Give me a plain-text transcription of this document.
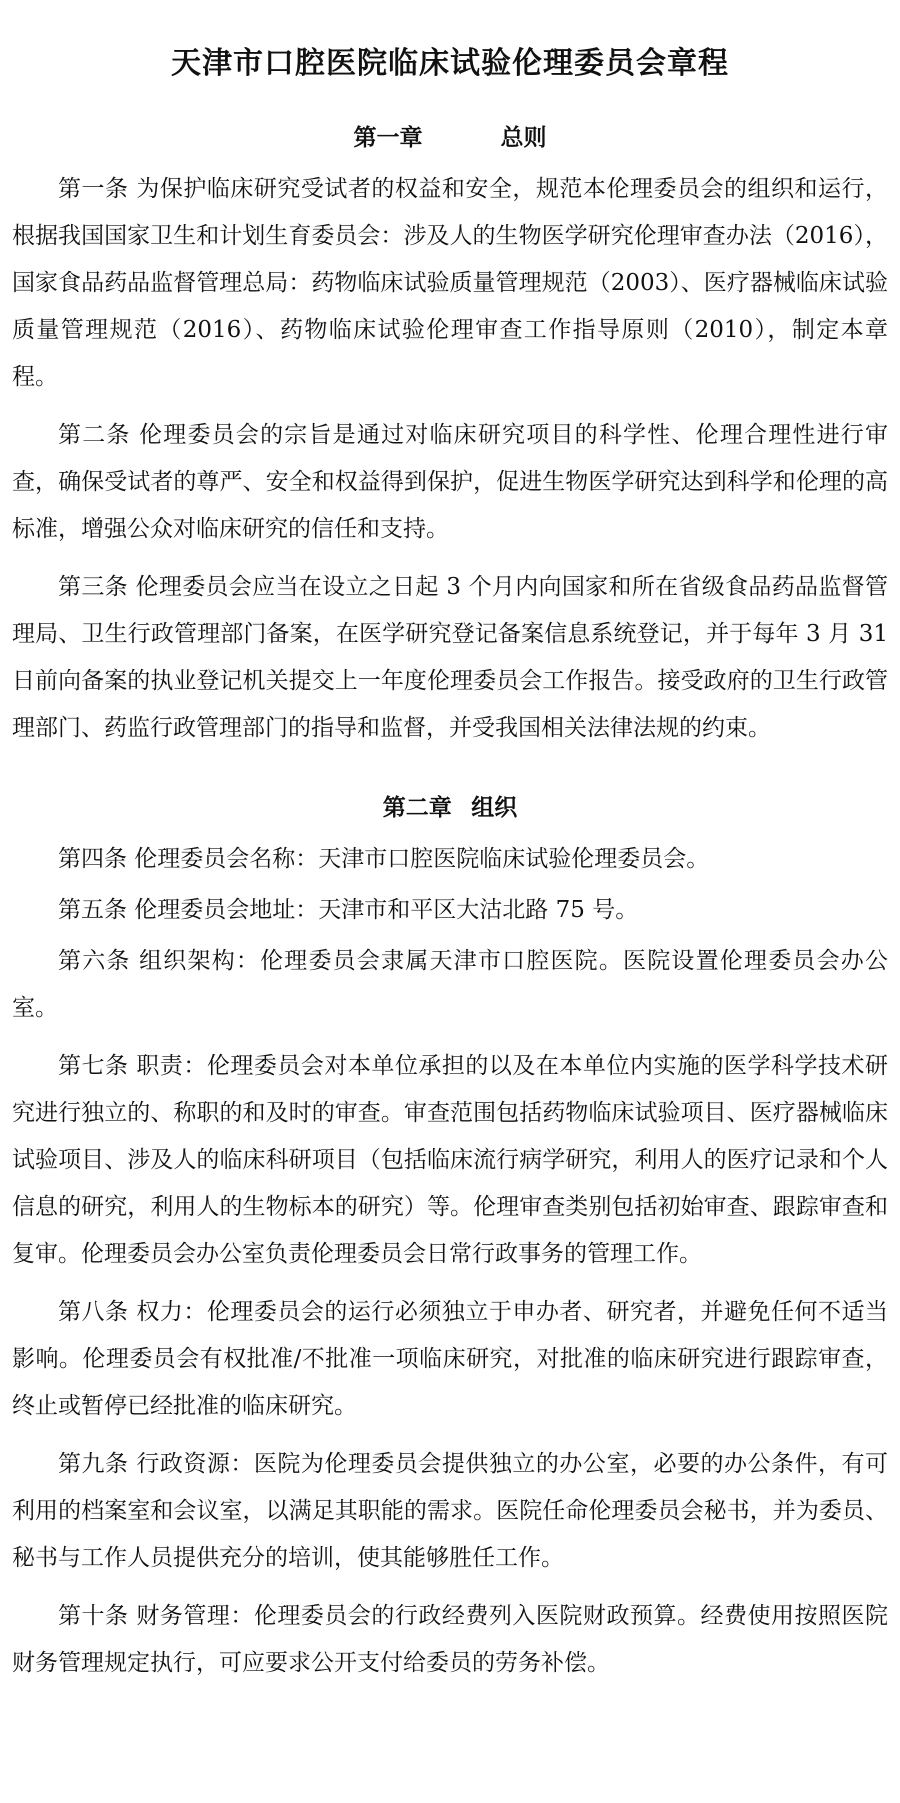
天津市口腔医院临床试验伦理委员会章程
第一章    总则

第一条 为保护临床研究受试者的权益和安全，规范本伦理委员会的组织和运行，根据我国国家卫生和计划生育委员会：涉及人的生物医学研究伦理审查办法（2016），国家食品药品监督管理总局：药物临床试验质量管理规范（2003）、医疗器械临床试验质量管理规范（2016）、药物临床试验伦理审查工作指导原则（2010），制定本章程。

第二条 伦理委员会的宗旨是通过对临床研究项目的科学性、伦理合理性进行审查，确保受试者的尊严、安全和权益得到保护，促进生物医学研究达到科学和伦理的高标准，增强公众对临床研究的信任和支持。

第三条 伦理委员会应当在设立之日起 3 个月内向国家和所在省级食品药品监督管理局、卫生行政管理部门备案，在医学研究登记备案信息系统登记，并于每年 3 月 31 日前向备案的执业登记机关提交上一年度伦理委员会工作报告。接受政府的卫生行政管理部门、药监行政管理部门的指导和监督，并受我国相关法律法规的约束。

第二章 组织

第四条 伦理委员会名称：天津市口腔医院临床试验伦理委员会。

第五条 伦理委员会地址：天津市和平区大沽北路 75 号。

第六条 组织架构：伦理委员会隶属天津市口腔医院。医院设置伦理委员会办公室。

第七条 职责：伦理委员会对本单位承担的以及在本单位内实施的医学科学技术研究进行独立的、称职的和及时的审查。审查范围包括药物临床试验项目、医疗器械临床试验项目、涉及人的临床科研项目（包括临床流行病学研究，利用人的医疗记录和个人信息的研究，利用人的生物标本的研究）等。伦理审查类别包括初始审查、跟踪审查和复审。伦理委员会办公室负责伦理委员会日常行政事务的管理工作。

第八条 权力：伦理委员会的运行必须独立于申办者、研究者，并避免任何不适当影响。伦理委员会有权批准/不批准一项临床研究，对批准的临床研究进行跟踪审查，终止或暂停已经批准的临床研究。

第九条 行政资源：医院为伦理委员会提供独立的办公室，必要的办公条件，有可利用的档案室和会议室，以满足其职能的需求。医院任命伦理委员会秘书，并为委员、秘书与工作人员提供充分的培训，使其能够胜任工作。

第十条 财务管理：伦理委员会的行政经费列入医院财政预算。经费使用按照医院财务管理规定执行，可应要求公开支付给委员的劳务补偿。
